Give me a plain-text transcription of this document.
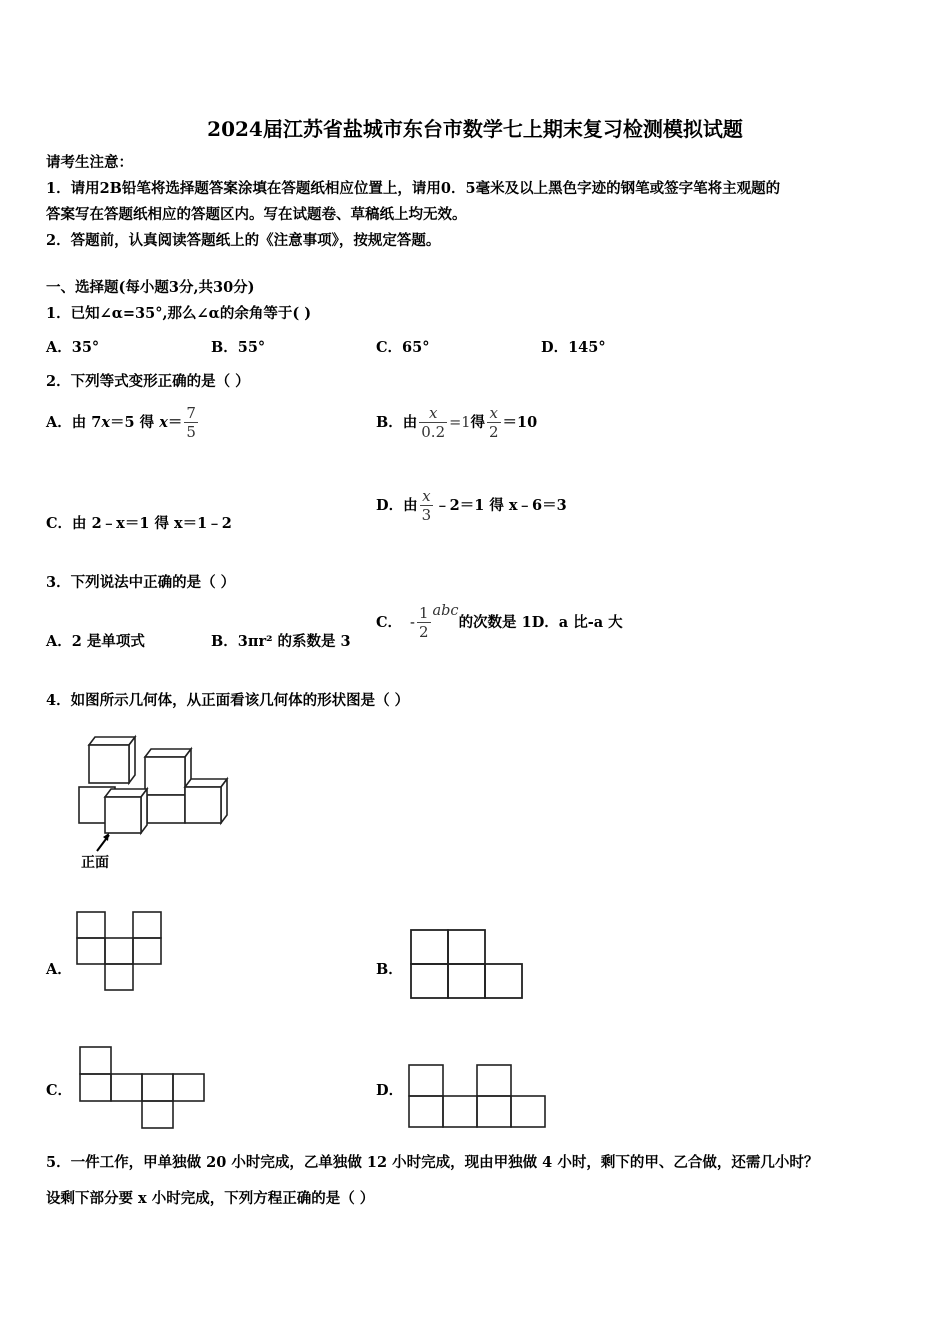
2024届江苏省盐城市东台市数学七上期末复习检测模拟试题
请考生注意：
1．请用2B铅笔将选择题答案涂填在答题纸相应位置上，请用0．5毫米及以上黑色字迹的钢笔或签字笔将主观题的
答案写在答题纸相应的答题区内。写在试题卷、草稿纸上均无效。
2．答题前，认真阅读答题纸上的《注意事项》，按规定答题。
一、选择题(每小题3分,共30分)
1．已知∠α=35°,那么∠α的余角等于( )
A．35°	B．55°	C．65°	D．145°
2．下列等式变形正确的是（ ）
A．由 7x＝5 得 $x= \frac{7}{5}$	B．由 $\frac{x}{0.2} =1$得 $\frac{x}{2} =10$
C．由 2﹣x＝1 得 x＝1﹣2
D．由 $\frac{x}{3}$ ﹣2＝1 得 x﹣6＝3
3．下列说法中正确的是（ ）
A．2 是单项式	B．3πr² 的系数是 3
C． - $\frac{1}{2}$ abc的次数是 1D．a 比-a 大
4．如图所示几何体，从正面看该几何体的形状图是（ ）
正面
A．	B．
C．	D．
5．一件工作，甲单独做 20 小时完成，乙单独做 12 小时完成，现由甲独做 4 小时，剩下的甲、乙合做，还需几小时？
设剩下部分要 x 小时完成，下列方程正确的是（ ）
